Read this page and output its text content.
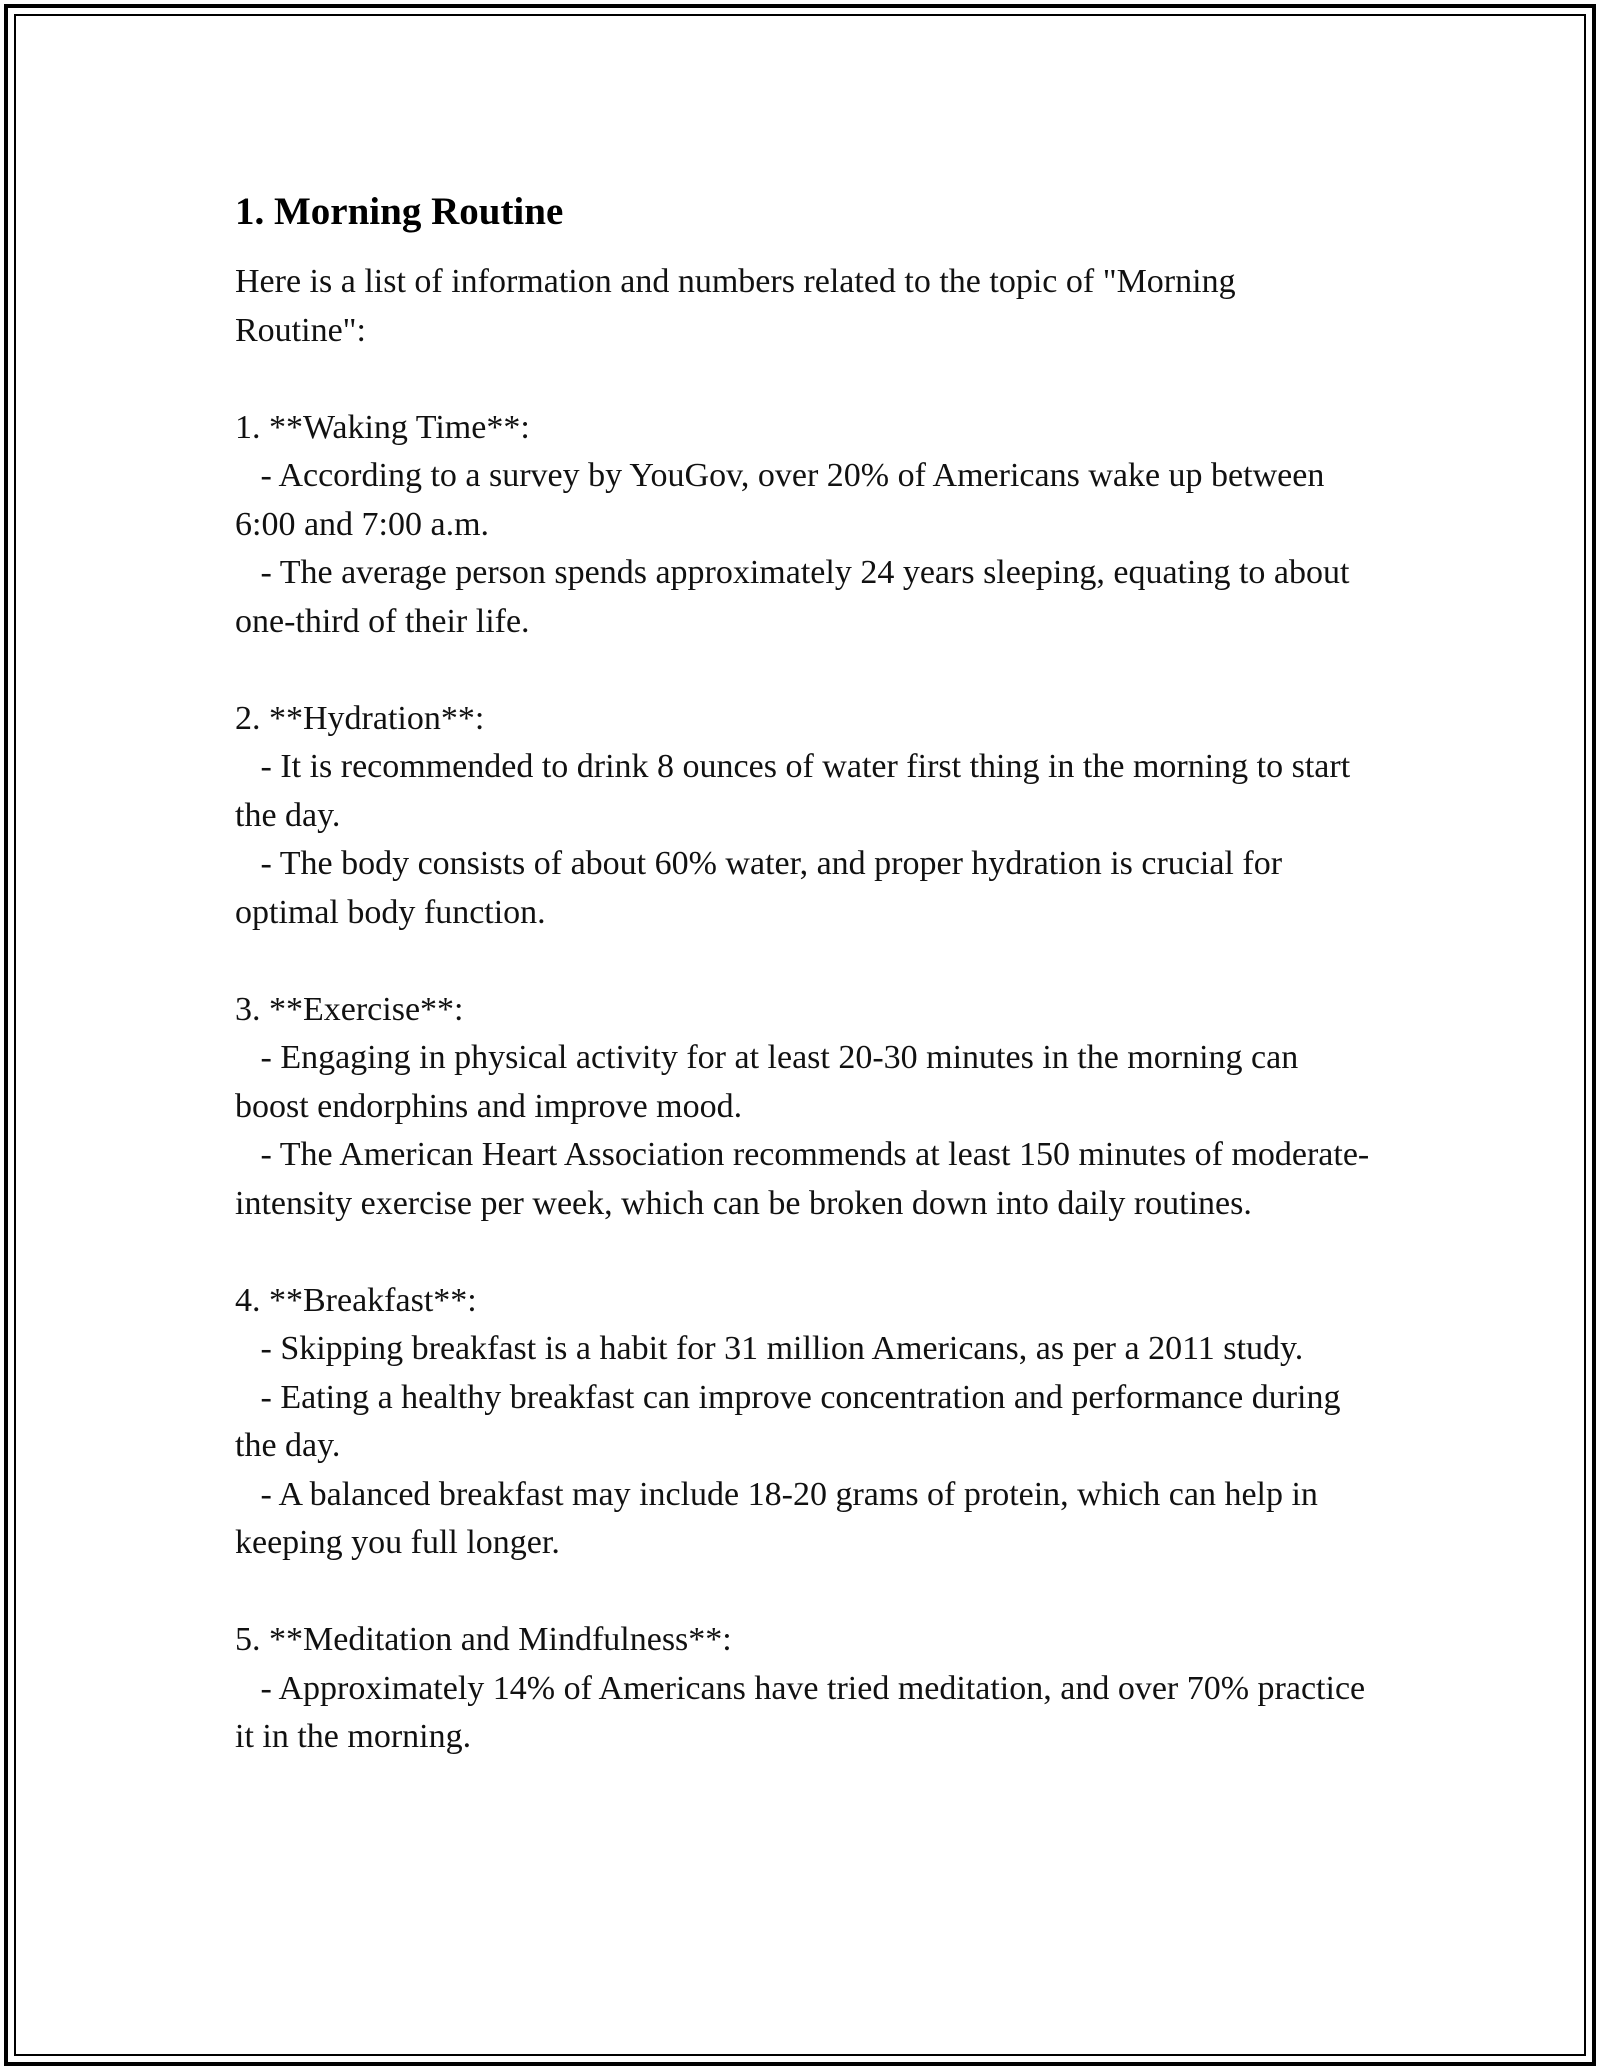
1. Morning Routine

Here is a list of information and numbers related to the topic of "Morning Routine":

1. **Waking Time**:

- According to a survey by YouGov, over 20% of Americans wake up between 6:00 and 7:00 a.m.

- The average person spends approximately 24 years sleeping, equating to about one-third of their life.

2. **Hydration**:

- It is recommended to drink 8 ounces of water first thing in the morning to start the day.

- The body consists of about 60% water, and proper hydration is crucial for optimal body function.

3. **Exercise**:

- Engaging in physical activity for at least 20-30 minutes in the morning can boost endorphins and improve mood.

- The American Heart Association recommends at least 150 minutes of moderate-intensity exercise per week, which can be broken down into daily routines.

4. **Breakfast**:

- Skipping breakfast is a habit for 31 million Americans, as per a 2011 study.

- Eating a healthy breakfast can improve concentration and performance during the day.

- A balanced breakfast may include 18-20 grams of protein, which can help in keeping you full longer.

5. **Meditation and Mindfulness**:

- Approximately 14% of Americans have tried meditation, and over 70% practice it in the morning.
